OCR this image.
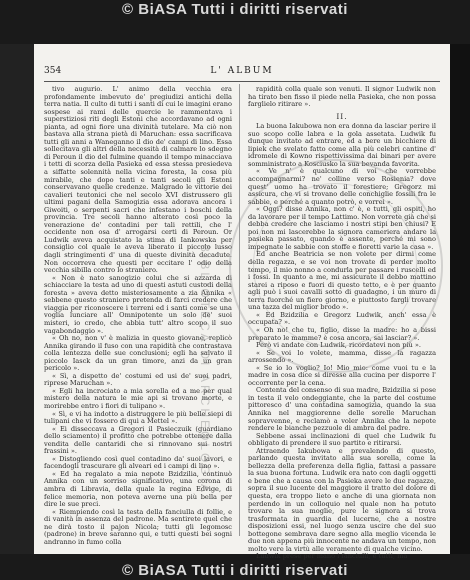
© BiASA Tutti i diritti riservati
354	L' ALBUM

tivo augurio. L' animo della vecchia era profondamente imbevuto de' pregiudizi antichi della terra natia. Il culto di tutti i santi di cui le imagini erano sospese ai rami delle quercie le rammentava i superstiziosi riti degli Estoni che accordavano ad ogni pianta, ad ogni fiore una divinità tutelare. Ma ciò non bastava alla strana pietà di Maruchan: essa sacrificava tutti gli anni a Waneganno il dio de' campi di lino. Essa sollecitava gli altri della necessità di calmare lo sdegno di Peroun il dio del fulmine quando il tempo minacciava i tetti di scorza della Pasieka ed essa stessa presiedeva a siffatte solennità nella vicina foresta, la cosa più mirabile, che dopo tanti e tanti secoli gli Estoni conservavano quelle credenze. Malgrado le vittorie dei cavalieri teutonici che nel secolo XVI distrussero gli ultimi pagani della Samogizia essa adorava ancora i Giwoiti, o serpenti sacri che infestano i boschi della provincia. Tre secoli hanno alterato così poco la venerazione de' contadini per tali rettili, che l' occidente non osa d' arrogarsi certi di Peroun. Or Ludwik aveva acquistato la stima di Iankowska per consiglio col quale le aveva liberato il piccolo lusso dagli stringimenti d' una di queste divinità decadute. Non occorreva che questi per eccitare l' odio della vecchia sibilla contro lo straniero.

« Non è nato sanogizio colui che si azzarda di schiacciare la testa ad uno di questi astuti custodi della foresta » aveva detto misteriosamente a zia Annika « sebbene questo straniero pretenda di farci credere che viaggia per riconoscere i terreni ed i santi come se una voglia lunciare all' Omnipotente un solo de' suoi misteri, io credo, che abbia tutt' altro scopo il suo vagabondaggio ».

« Oh no, non v' è malizia in questo giovane, replicò Annika girando il fuso con una rapidità che contrastava colla lentezza delle sue conclusioni; egli ha salvato il piccolo Iasck da un gran timore, anzi da un gran pericolo ».

« Sì, a dispetto de' costumi ed usi de' suoi padri, riprese Maruchan ».

« Egli ha incrociato a mia sorella ed a me per qual mistero della natura le mie api si trovano morte, e morirebbe entro i fiori di tulipano ».

« Sì, e vi ha indotto a distruggere le più belle siepi di tulipani che vi fossero di qui a Mettel ».

« Ei disseccava a Gregori il Pasieczuik (guardiano dello sciamento) il profitto che potrebbe ottenere dalla vendita delle cantaridi che si rinnovano sui nostri frassini ».

« Distogliendo così quel contadino da' suoi lavori, e facendogli trascurare gli alveari ed i campi di lino ».

« Ed ha regalato a mia nepote Bzidzilia, continuò Annika con un sorriso significativo, una corona di ambra di Libravia, della quale la regina Edvige, di felice memoria, non poteva averne una più bella per dire le sue preci.

« Riempiendo così la testa della fanciulla di follie, e di vanità in assenza del padrone. Ma sentirete quel che ne dirà tosto il pajon Nicola; tutti gli Iegomosc (padrone) in breve saranno qui, e tutti questi bei sogni andranno in fumo colla

rapidità colla quale son venuti. Il signor Ludwik non ha tirato ben fisso il piede nella Pasieka, che non possa farglielo ritirare ».

II.

La buona Iakubowa non era donna da lasciar perire il suo scopo colle labra e la gola assetata. Ludwik fu dunque invitato ad entrare, ed a bere un bicchiere di lipiek che svelato fatto come alla più celebri cantine d' idromele di Kowno rispettivissima dai binari per avere somministrato a Kosciusko la sua bevanda favorita.

« Ve n' è qualcuno di voi che vorrebbe accompagnarmi? ne' colline verso Rosienia? dove quest' uomo ha trovato il forestiere; Gregorz mi assicura, che vi si trovano delle conchiglie fossili fra le sabbie, e perché a quanto potrò, e vorrei ».

« Oggi? disse Annika, non c' è, e tutti, gli ospiti, ho da lavorare per il tempo Lattimo. Non vorrete già che si debba credere che lasciamo i nostri stipi ben chiusi? E poi non mi lascerebbe la signora cameriera andare la pasieka passato, quando è assente, perché mi sono impegnate le sabbie con stoffe e fioretti varie la casa ».

Ed anche Beatricia se non volete per dirmi come della regazza, e se voi non trovate di perder molto tempo, il mio nonno a condurla per passare i ruscelli ed i fossi. In quanto a me, mi assicurate il debbo mattino starei a riposo e fuori di questo tetto, e è per quanto agli può i suoi cavalli sotto di guadagno, i un muro di terra fuorché un fiero giorno, e piuttosto fargli trovare una tazza del miglior brodo ».

« Ed Bzidzilia e Gregorz Ludwik, anch' essa è occupata? ».

« Oh no! che tu, figlio, disse la madre: ho a bissi preparato le mamme? è cosa ancora, sai lasciar? ».

Però vi andate con Ludwik, ricordatevi non più ».

« Se voi lo volete, mamma, disse la ragazza arrossendo ».

« Se io lo voglio? Io! Mio mio: come vuoi tu e la madre in cosa dice si diresse alla cucina per disporre l' occorrente per la cena.

Contenta del consenso di sua madre, Bzidzilia si pose in testa il velo ondeggiante, che la parte del costume pittoresco d' una contadina samogizia, quando la sua Annika nel maggiorenne delle sorelle Maruchan sopravvenne, e reclamò a voler Annika che la nepote rendere le bianche pezzuole di ambra del padre.

Sebbene assai inclinazioni di quel che Ludwik fu obbligato di prendere il suo partito e ritirarsi.

Attraendo Iakubowa e prevalendo di questo, parlando questa invitato alla sua sorella, come la bellezza della preferenza della figlia, fattasi a passare la sua buona fortuna. Ludwik era nato con dagli oggetti e bene che a causa con la Pasieka avere le due ragazze, sopra il suo lucente del maggiore il tratto del dolore di questa, era troppo lieto e anche di una giornata non perdendo in un colloquio nel quale non ha potuto trovare la sua moglie, pure le signora si trova trasformata in guardia del lucerne, che a nostre disposizioni essi, nel luogo senza uscire che del suo bottegone sembrava dare segno alla meglio vicenda le due non appena più innocente ne andava un tempo, non molto vere la virtù alle veramente di qualche vicino.

Ludwik prese per mano i fanciulli, e tutti, ma

BIBLIOTECA DI ARCHEOLOGIA
© BiASA Tutti i diritti riservati
